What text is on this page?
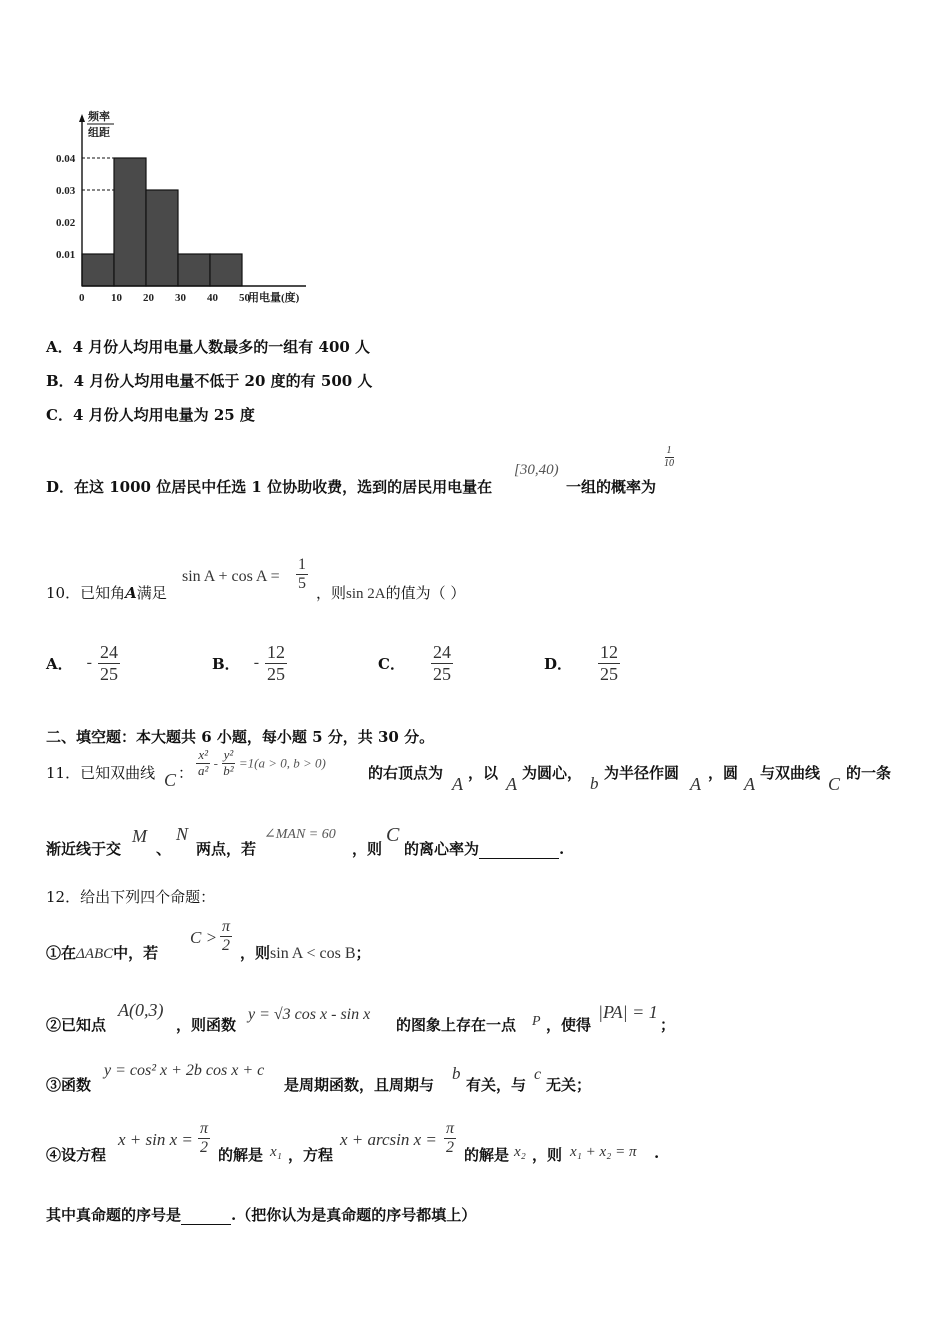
0.01
0.02
0.03
0.04
0 10 20 30 40 50
用电量(度)
频率
组距
A．4 月份人均用电量人数最多的一组有 400 人
B．4 月份人均用电量不低于 20 度的有 500 人
C．4 月份人均用电量为 25 度
D．在这 1000 位居民中任选 1 位协助收费，选到的居民用电量在
[30,40)
一组的概率为
$\frac{1}{10}$
10．已知角A满足
$\sin A + \cos A = \frac{1}{5}$ ，则sin 2A的值为（ ）
A． - $\frac{24}{25}$	B． - $\frac{12}{25}$	C． $\frac{24}{25}$	D． $\frac{12}{25}$
二、填空题：本大题共 6 小题，每小题 5 分，共 30 分。
11．已知双曲线 C ： $\frac{\text{x²}}{\text{a²}} - \frac{\text{y²}}{\text{b²}} =1(a > 0$, b > 0)
的右顶点为
A
，以
A
为圆心，
b
为半径作圆
A
，圆
A
与双曲线
C
的一条
渐近线于交
M
、
N
两点，若
∠MAN = 60
，则
C
的离心率为	.
12．给出下列四个命题：
①在ΔABC中，若
$C > \frac{\pi}{2}$ ，则sin A < cos B；
②已知点
A(0,3)
，则函数
y = √3 cos x - sin x
的图象上存在一点 P ，使得
|PA| = 1
；
③函数
y = cos² x + 2b cos x + c
是周期函数，且周期与
b
有关，与
c
无关；
④设方程
$x + \sin x = \frac{\pi}{2}$ 的解是 x₁ ，方程
$x + \arcsin x = \frac{\pi}{2}$ 的解是 x₂ ，则 x₁ + x₂ = π .
其中真命题的序号是	.（把你认为是真命题的序号都填上）
